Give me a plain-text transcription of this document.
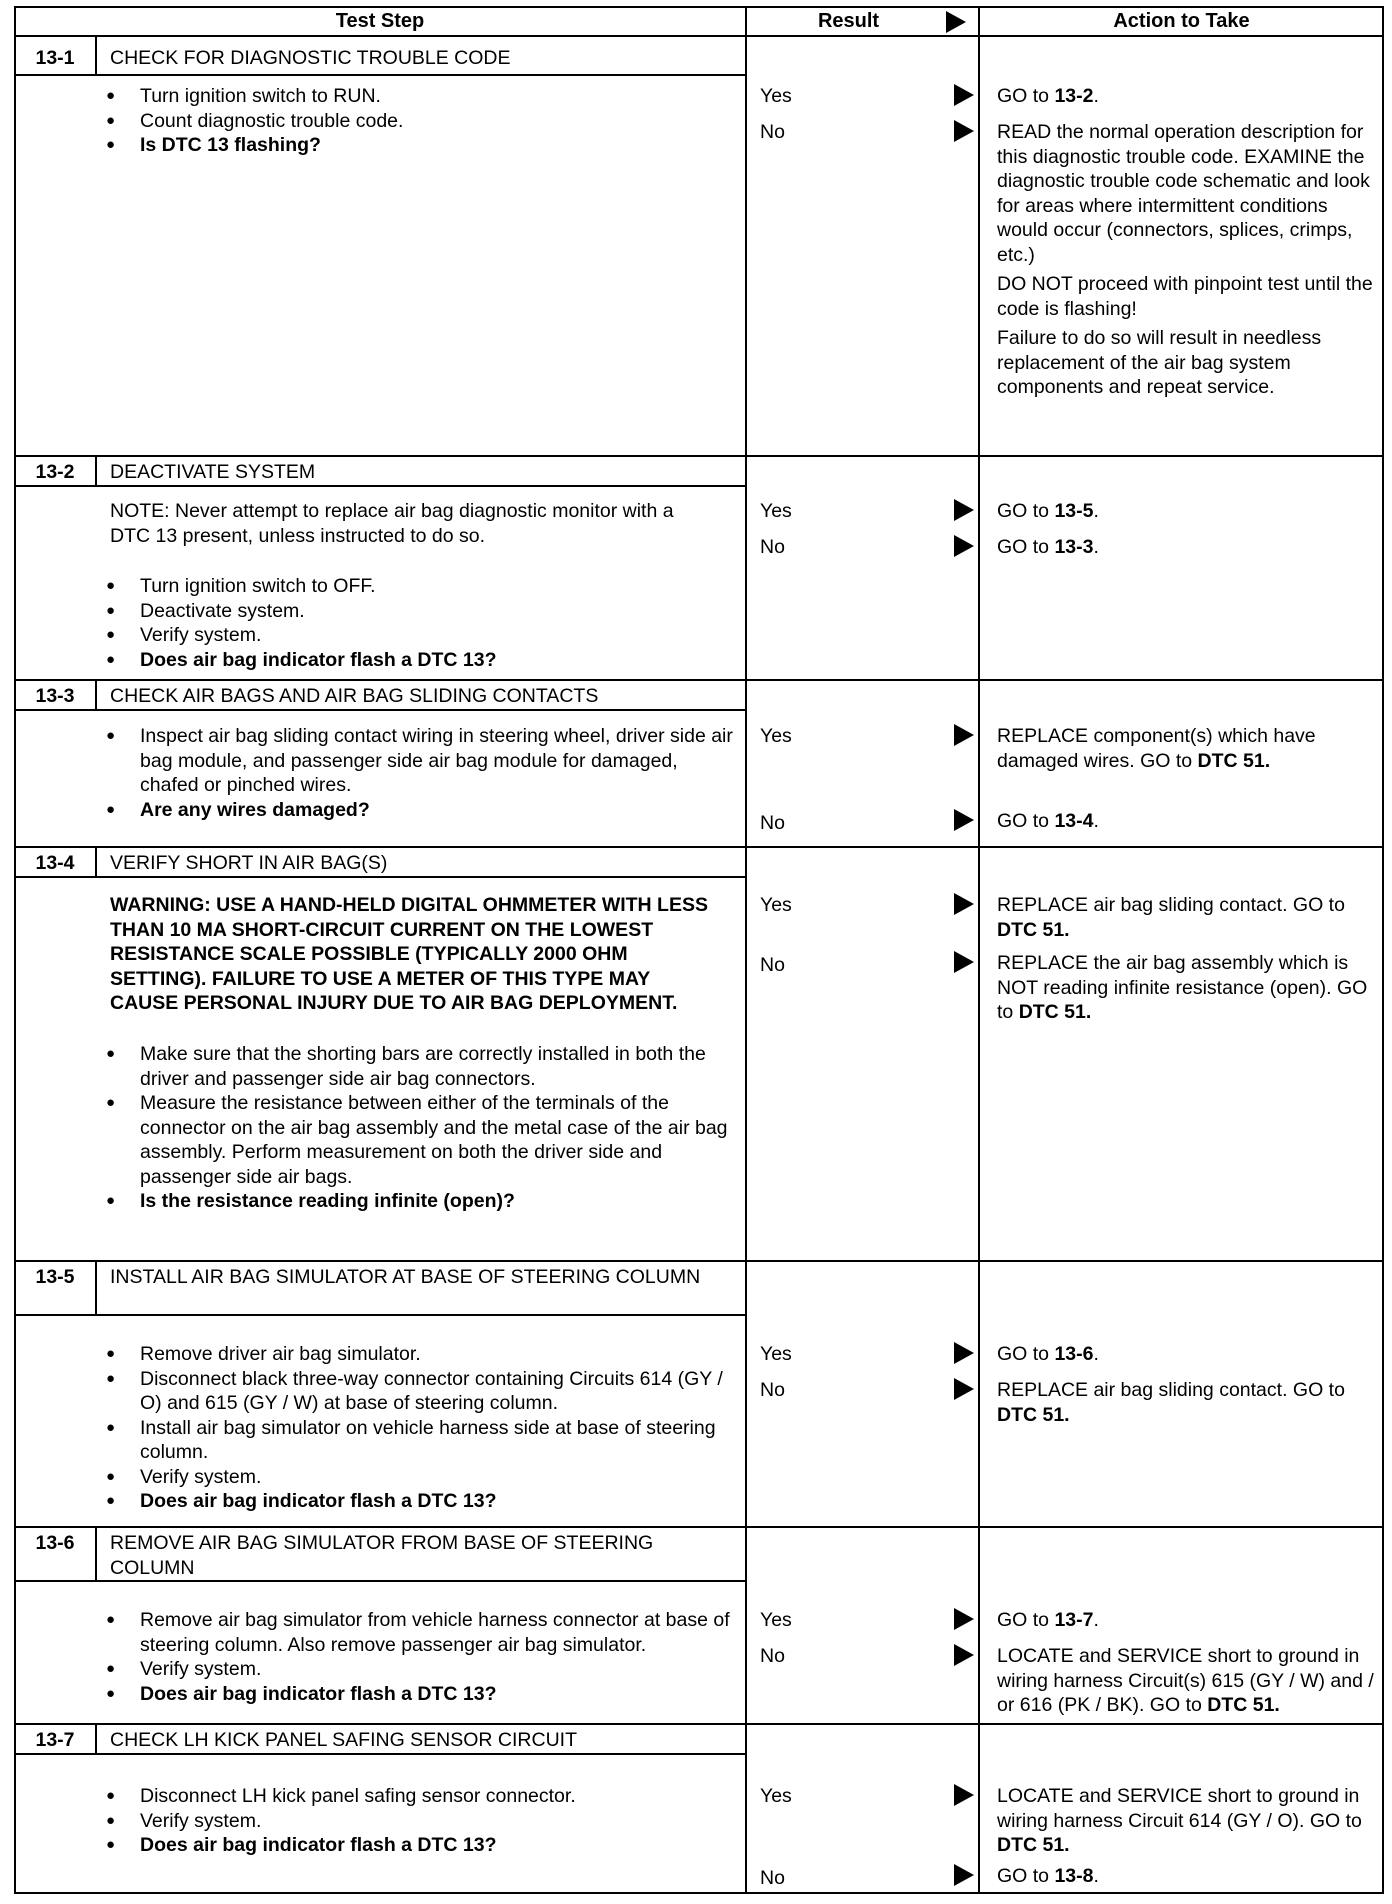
Test Step	Result	Action to Take
13-1	CHECK FOR DIAGNOSTIC TROUBLE CODE
● Turn ignition switch to RUN.
● Count diagnostic trouble code.
● Is DTC 13 flashing?
Yes	GO to 13-2.
No	READ the normal operation description for this diagnostic trouble code. EXAMINE the diagnostic trouble code schematic and look for areas where intermittent conditions would occur (connectors, splices, crimps, etc.)

DO NOT proceed with pinpoint test until the code is flashing!

Failure to do so will result in needless replacement of the air bag system components and repeat service.

13-2	DEACTIVATE SYSTEM
NOTE: Never attempt to replace air bag diagnostic monitor with a DTC 13 present, unless instructed to do so.
● Turn ignition switch to OFF.
● Deactivate system.
● Verify system.
● Does air bag indicator flash a DTC 13?
Yes	GO to 13-5.
No	GO to 13-3.
13-3	CHECK AIR BAGS AND AIR BAG SLIDING CONTACTS
● Inspect air bag sliding contact wiring in steering wheel, driver side air bag module, and passenger side air bag module for damaged, chafed or pinched wires.
● Are any wires damaged?
Yes	REPLACE component(s) which have damaged wires. GO to DTC 51.
No	GO to 13-4.
13-4	VERIFY SHORT IN AIR BAG(S)
WARNING: USE A HAND-HELD DIGITAL OHMMETER WITH LESS THAN 10 MA SHORT-CIRCUIT CURRENT ON THE LOWEST RESISTANCE SCALE POSSIBLE (TYPICALLY 2000 OHM SETTING). FAILURE TO USE A METER OF THIS TYPE MAY CAUSE PERSONAL INJURY DUE TO AIR BAG DEPLOYMENT.
● Make sure that the shorting bars are correctly installed in both the driver and passenger side air bag connectors.
● Measure the resistance between either of the terminals of the connector on the air bag assembly and the metal case of the air bag assembly. Perform measurement on both the driver side and passenger side air bags.
● Is the resistance reading infinite (open)?
Yes	REPLACE air bag sliding contact. GO to DTC 51.
No	REPLACE the air bag assembly which is NOT reading infinite resistance (open). GO to DTC 51.
13-5	INSTALL AIR BAG SIMULATOR AT BASE OF STEERING COLUMN
● Remove driver air bag simulator.
● Disconnect black three-way connector containing Circuits 614 (GY / O) and 615 (GY / W) at base of steering column.
● Install air bag simulator on vehicle harness side at base of steering column.
● Verify system.
● Does air bag indicator flash a DTC 13?
Yes	GO to 13-6.
No	REPLACE air bag sliding contact. GO to DTC 51.
13-6	REMOVE AIR BAG SIMULATOR FROM BASE OF STEERING COLUMN
● Remove air bag simulator from vehicle harness connector at base of steering column. Also remove passenger air bag simulator.
● Verify system.
● Does air bag indicator flash a DTC 13?
Yes	GO to 13-7.
No	LOCATE and SERVICE short to ground in wiring harness Circuit(s) 615 (GY / W) and / or 616 (PK / BK). GO to DTC 51.
13-7	CHECK LH KICK PANEL SAFING SENSOR CIRCUIT
● Disconnect LH kick panel safing sensor connector.
● Verify system.
● Does air bag indicator flash a DTC 13?
Yes	LOCATE and SERVICE short to ground in wiring harness Circuit 614 (GY / O). GO to DTC 51.
No	GO to 13-8.
